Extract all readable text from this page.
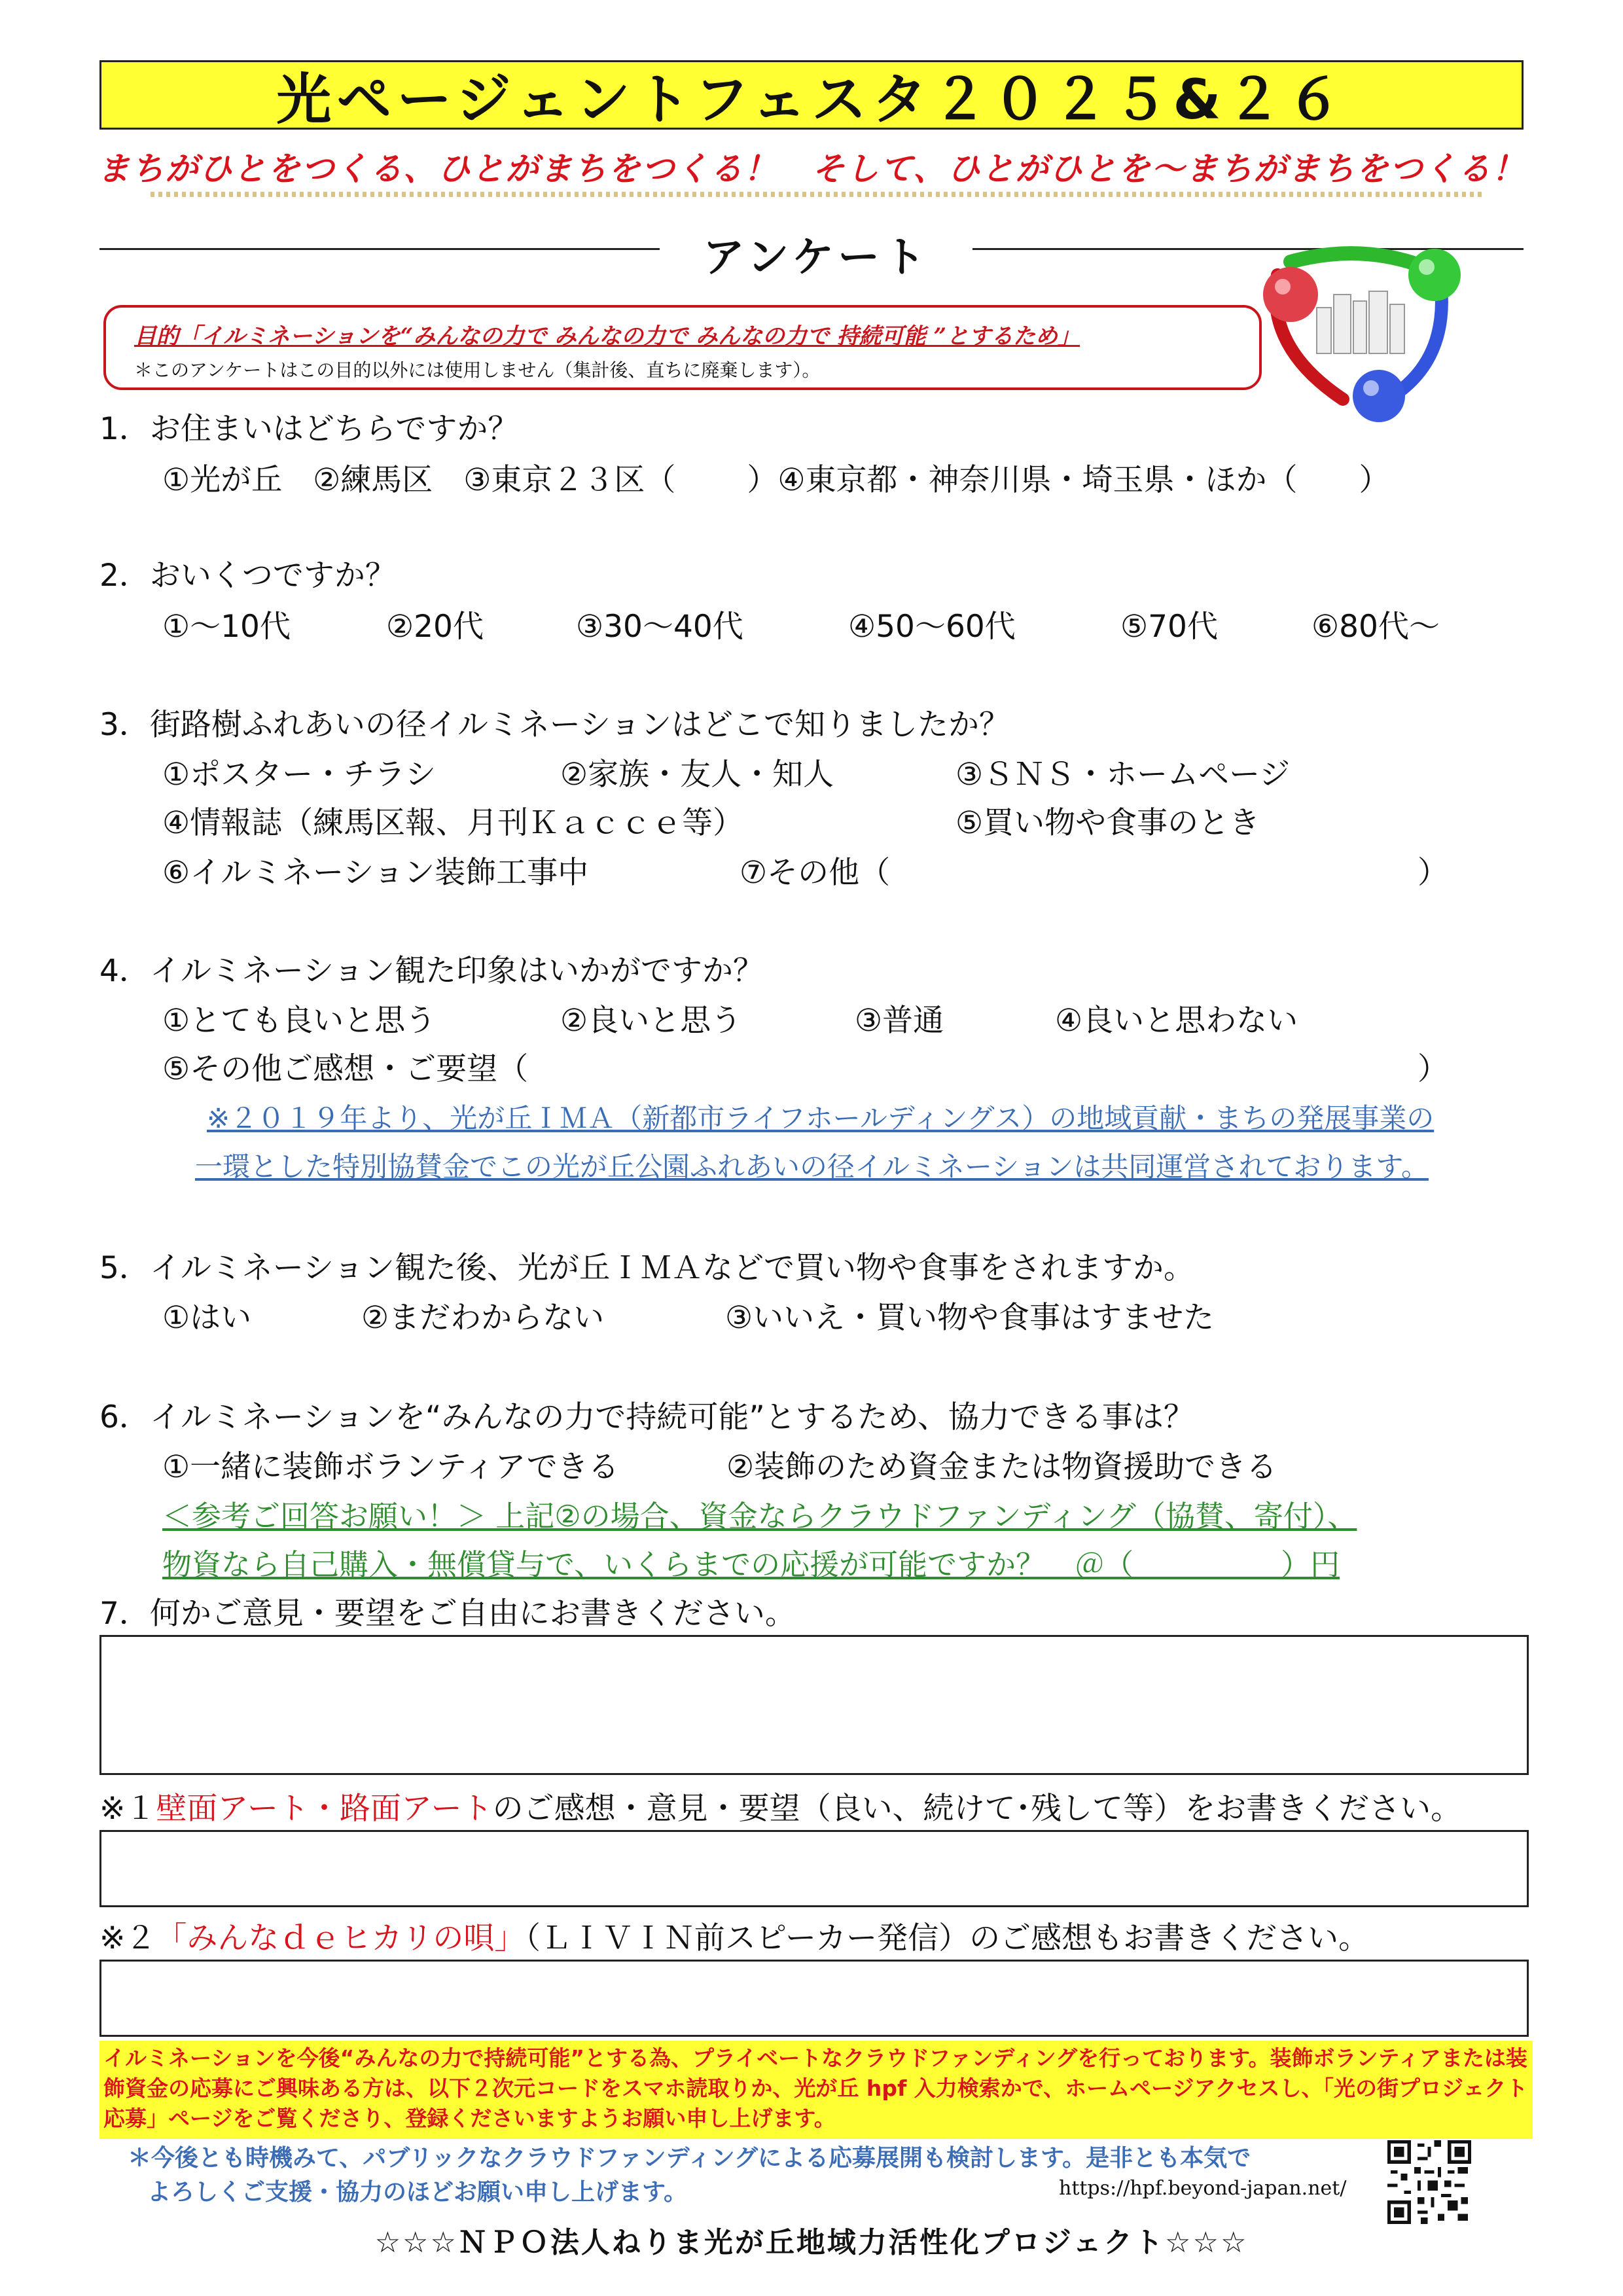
光ページェントフェスタ２０２５&２６
まちがひとをつくる、ひとがまちをつくる！　そして、ひとがひとを〜まちがまちをつくる！
アンケート
目的「イルミネーションを“みんなの力で みんなの力で みんなの力で 持続可能 ”とするため」
＊このアンケートはこの目的以外には使用しません（集計後、直ちに廃棄します）。
1．お住まいはどちらですか？
①光が丘　②練馬区　③東京２３区（　　 ）④東京都・神奈川県・埼玉県・ほか（　　）
2．おいくつですか？
①〜10代	②20代	③30〜40代	④50〜60代	⑤70代	⑥80代〜
3．街路樹ふれあいの径イルミネーションはどこで知りましたか？
①ポスター・チラシ	②家族・友人・知人	③ＳＮＳ・ホームページ
④情報誌（練馬区報、月刊Ｋａｃｃｅ等）	⑤買い物や食事のとき
⑥イルミネーション装飾工事中	⑦その他（	）
4．イルミネーション観た印象はいかがですか？
①とても良いと思う	②良いと思う	③普通	④良いと思わない
⑤その他ご感想・ご要望（	）
※２０１９年より、光が丘ＩＭＡ（新都市ライフホールディングス）の地域貢献・まちの発展事業の
一環とした特別協賛金でこの光が丘公園ふれあいの径イルミネーションは共同運営されております。
5．イルミネーション観た後、光が丘ＩＭＡなどで買い物や食事をされますか。
①はい	②まだわからない	③いいえ・買い物や食事はすませた
6．イルミネーションを“みんなの力で持続可能”とするため、協力できる事は？
①一緒に装飾ボランティアできる	②装飾のため資金または物資援助できる
＜参考ご回答お願い！＞ 上記②の場合、資金ならクラウドファンディング（協賛、寄付）、
物資なら自己購入・無償貸与で、いくらまでの応援が可能ですか？　＠（　　　　　）円
7．何かご意見・要望をご自由にお書きください。
※１壁面アート・路面アートのご感想・意見・要望（良い、続けて･残して等）をお書きください。
※２「みんなｄｅヒカリの唄」（ＬＩＶＩＮ前スピーカー発信）のご感想もお書きください。
イルミネーションを今後“みんなの力で持続可能”とする為、プライベートなクラウドファンディングを行っております。装飾ボランティアまたは装飾資金の応募にご興味ある方は、以下２次元コードをスマホ読取りか、光が丘 hpf 入力検索かで、ホームページアクセスし、「光の街プロジェクト応募」ページをご覧くださり、登録くださいますようお願い申し上げます。
＊今後とも時機みて、パブリックなクラウドファンディングによる応募展開も検討します。是非とも本気で
よろしくご支援・協力のほどお願い申し上げます。	https://hpf.beyond-japan.net/
☆☆☆ＮＰＯ法人ねりま光が丘地域力活性化プロジェクト☆☆☆
